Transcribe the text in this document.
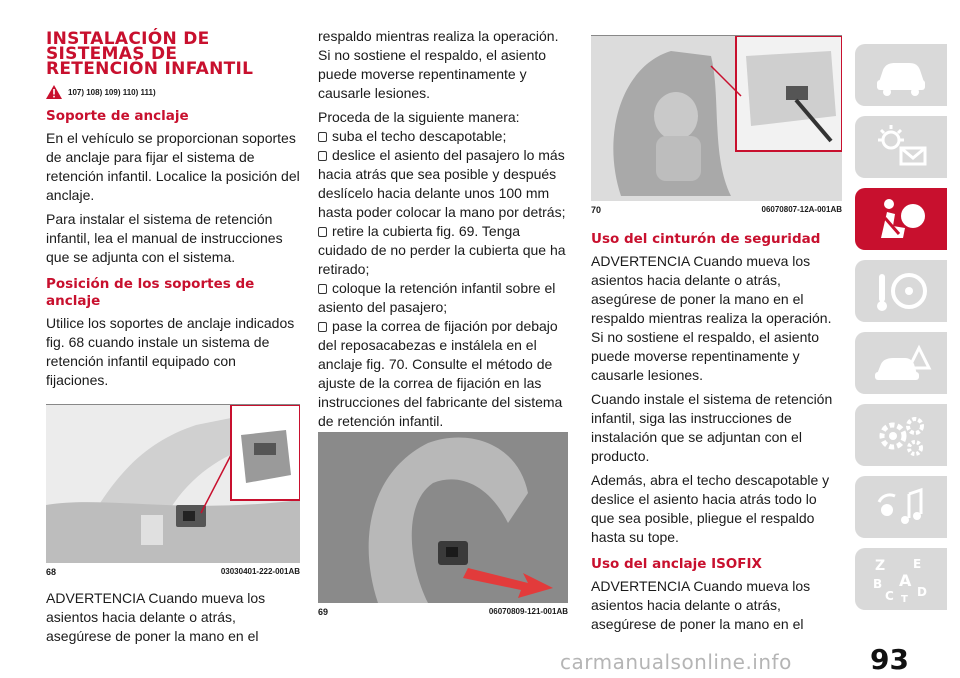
INSTALACIÓN DE
SISTEMAS DE
RETENCIÓN INFANTIL
107) 108) 109) 110) 111)
Soporte de anclaje

En el vehículo se proporcionan soportes de anclaje para fijar el sistema de retención infantil. Localice la posición del anclaje.

Para instalar el sistema de retención infantil, lea el manual de instrucciones que se adjunta con el sistema.

Posición de los soportes de anclaje

Utilice los soportes de anclaje indicados fig. 68 cuando instale un sistema de retención infantil equipado con fijaciones.

68	03030401-222-001AB

ADVERTENCIA Cuando mueva los asientos hacia delante o atrás, asegúrese de poner la mano en el

respaldo mientras realiza la operación. Si no sostiene el respaldo, el asiento puede moverse repentinamente y causarle lesiones.

Proceda de la siguiente manera:

suba el techo descapotable;
deslice el asiento del pasajero lo más hacia atrás que sea posible y después deslícelo hacia delante unos 100 mm hasta poder colocar la mano por detrás;
retire la cubierta fig. 69. Tenga cuidado de no perder la cubierta que ha retirado;
coloque la retención infantil sobre el asiento del pasajero;
pase la correa de fijación por debajo del reposacabezas e instálela en el anclaje fig. 70. Consulte el método de ajuste de la correa de fijación en las instrucciones del fabricante del sistema de retención infantil.
69	06070809-121-001AB
70	06070807-12A-001AB
Uso del cinturón de seguridad

ADVERTENCIA Cuando mueva los asientos hacia delante o atrás, asegúrese de poner la mano en el respaldo mientras realiza la operación. Si no sostiene el respaldo, el asiento puede moverse repentinamente y causarle lesiones.

Cuando instale el sistema de retención infantil, siga las instrucciones de instalación que se adjuntan con el producto.

Además, abra el techo descapotable y deslice el asiento hacia atrás todo lo que sea posible, pliegue el respaldo hasta su tope.

Uso del anclaje ISOFIX

ADVERTENCIA Cuando mueva los asientos hacia delante o atrás, asegúrese de poner la mano en el

Z E
B A
C D
T
93
carmanualsonline.info
